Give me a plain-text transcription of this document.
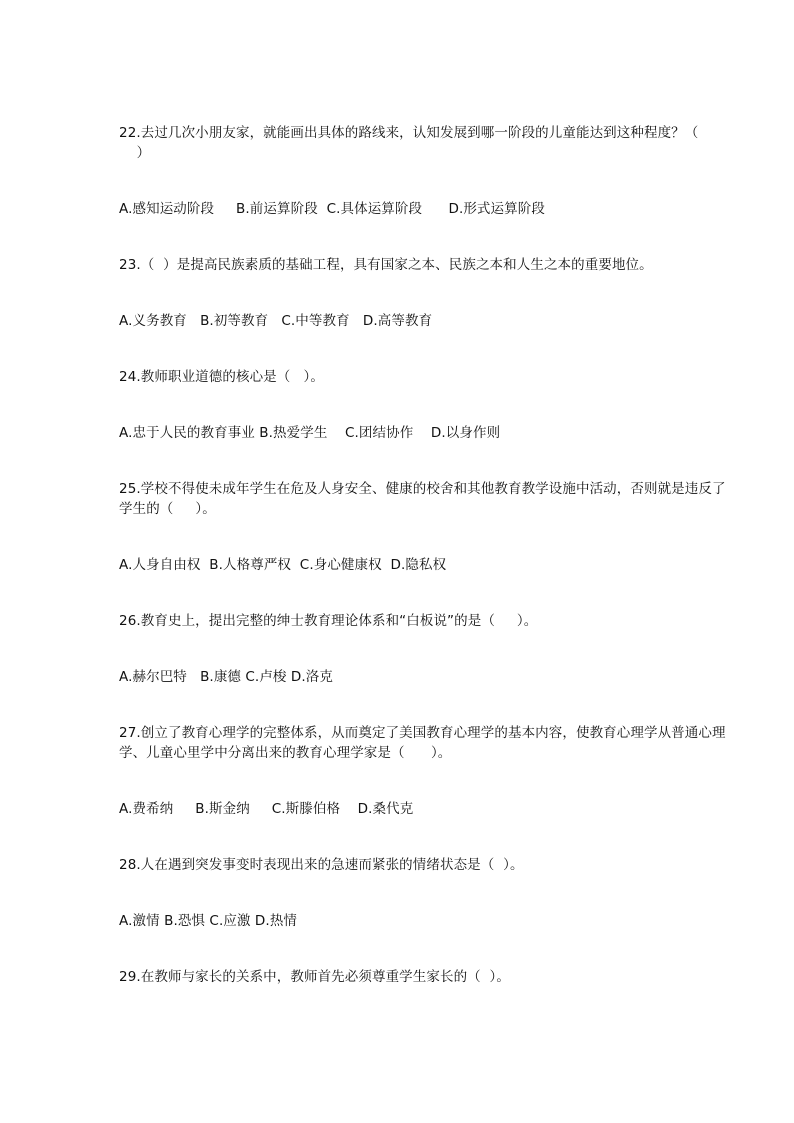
22.去过几次小朋友家，就能画出具体的路线来，认知发展到哪一阶段的儿童能达到这种程度？（
）
A.感知运动阶段     B.前运算阶段  C.具体运算阶段      D.形式运算阶段
23.（  ）是提高民族素质的基础工程，具有国家之本、民族之本和人生之本的重要地位。
A.义务教育   B.初等教育   C.中等教育   D.高等教育
24.教师职业道德的核心是（   ）。
A.忠于人民的教育事业 B.热爱学生    C.团结协作    D.以身作则
25.学校不得使未成年学生在危及人身安全、健康的校舍和其他教育教学设施中活动，否则就是违反了
学生的（     ）。
A.人身自由权  B.人格尊严权  C.身心健康权  D.隐私权
26.教育史上，提出完整的绅士教育理论体系和“白板说”的是（     ）。
A.赫尔巴特   B.康德 C.卢梭 D.洛克
27.创立了教育心理学的完整体系，从而奠定了美国教育心理学的基本内容，使教育心理学从普通心理
学、儿童心里学中分离出来的教育心理学家是（      ）。
A.费希纳     B.斯金纳     C.斯滕伯格    D.桑代克
28.人在遇到突发事变时表现出来的急速而紧张的情绪状态是（  ）。
A.激情 B.恐惧 C.应激 D.热情
29.在教师与家长的关系中，教师首先必须尊重学生家长的（  ）。
